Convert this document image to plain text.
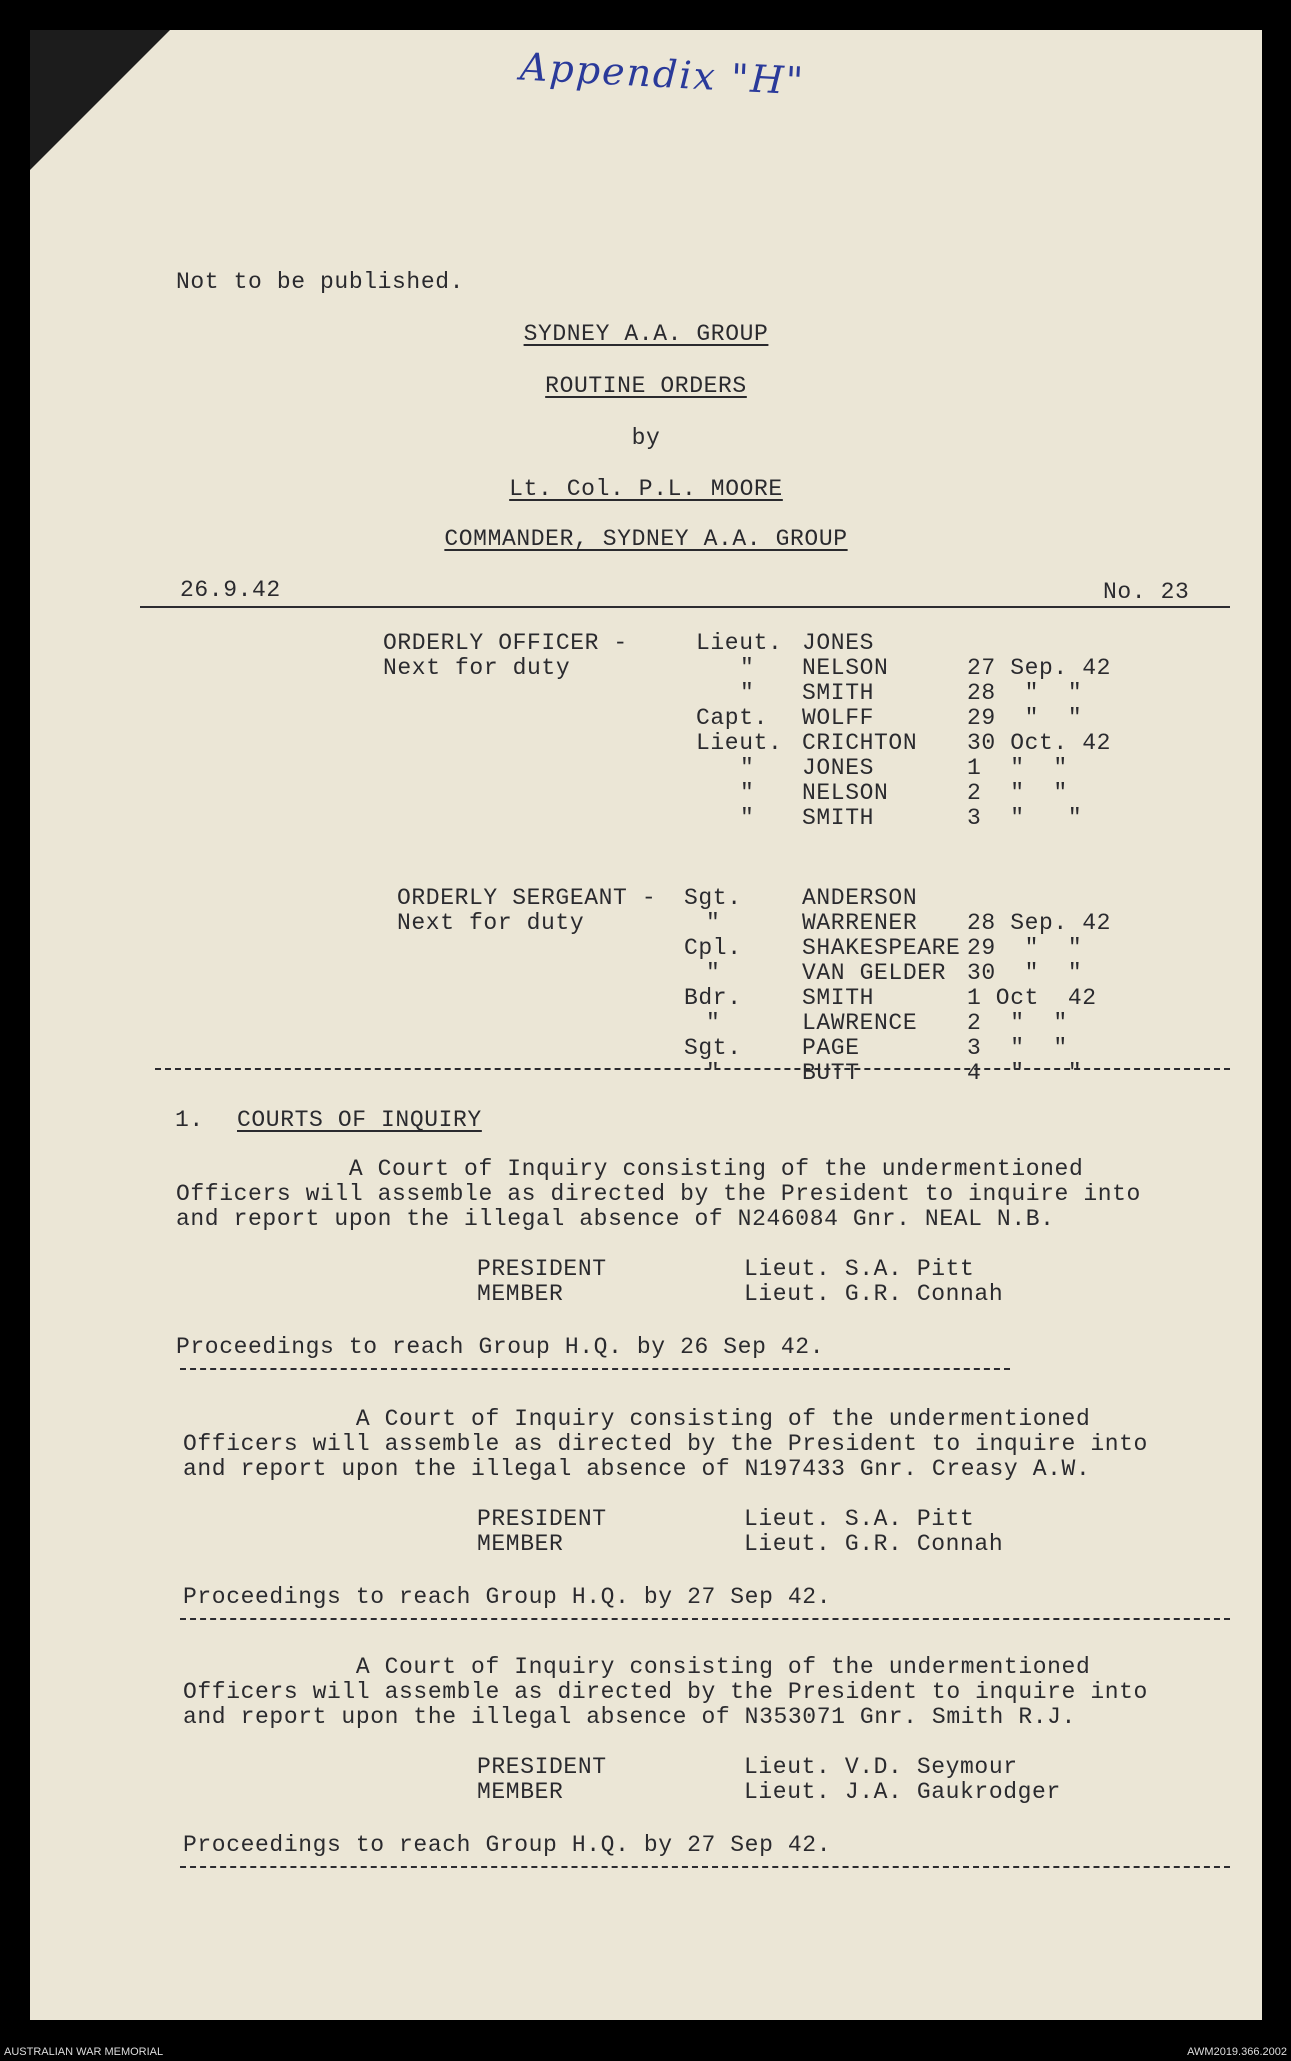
Not to be published.
SYDNEY A.A. GROUP
ROUTINE ORDERS
by
Lt. Col. P.L. MOORE
COMMANDER, SYDNEY A.A. GROUP
26.9.42	No. 23
ORDERLY OFFICER -
Next for duty
Lieut. JONES
" NELSON	27 Sep. 42
" SMITH	28  "  "
Capt. WOLFF	29  "  "
Lieut. CRICHTON 30 Oct. 42
" JONES	1  "  "
" NELSON	2  "  "
" SMITH	3  "   "
ORDERLY SERGEANT -
Next for duty
Sgt.	ANDERSON
"	WARRENER 28 Sep. 42
Cpl.	SHAKESPEARE 29  "  "
"	VAN GELDER 30  "  "
Bdr.	SMITH	1 Oct  42
"	LAWRENCE 2  "  "
Sgt.	PAGE	3  "  "
"	BUTT	4  "   "
1. COURTS OF INQUIRY
A Court of Inquiry consisting of the undermentioned
Officers will assemble as directed by the President to inquire into
and report upon the illegal absence of N246084 Gnr. NEAL N.B.
PRESIDENT	Lieut. S.A. Pitt
MEMBER	Lieut. G.R. Connah
Proceedings to reach Group H.Q. by 26 Sep 42.
A Court of Inquiry consisting of the undermentioned
Officers will assemble as directed by the President to inquire into
and report upon the illegal absence of N197433 Gnr. Creasy A.W.
PRESIDENT	Lieut. S.A. Pitt
MEMBER	Lieut. G.R. Connah
Proceedings to reach Group H.Q. by 27 Sep 42.
A Court of Inquiry consisting of the undermentioned
Officers will assemble as directed by the President to inquire into
and report upon the illegal absence of N353071 Gnr. Smith R.J.
PRESIDENT	Lieut. V.D. Seymour
MEMBER	Lieut. J.A. Gaukrodger
Proceedings to reach Group H.Q. by 27 Sep 42.
Appendix "H"
AUSTRALIAN WAR MEMORIAL	AWM2019.366.2002
